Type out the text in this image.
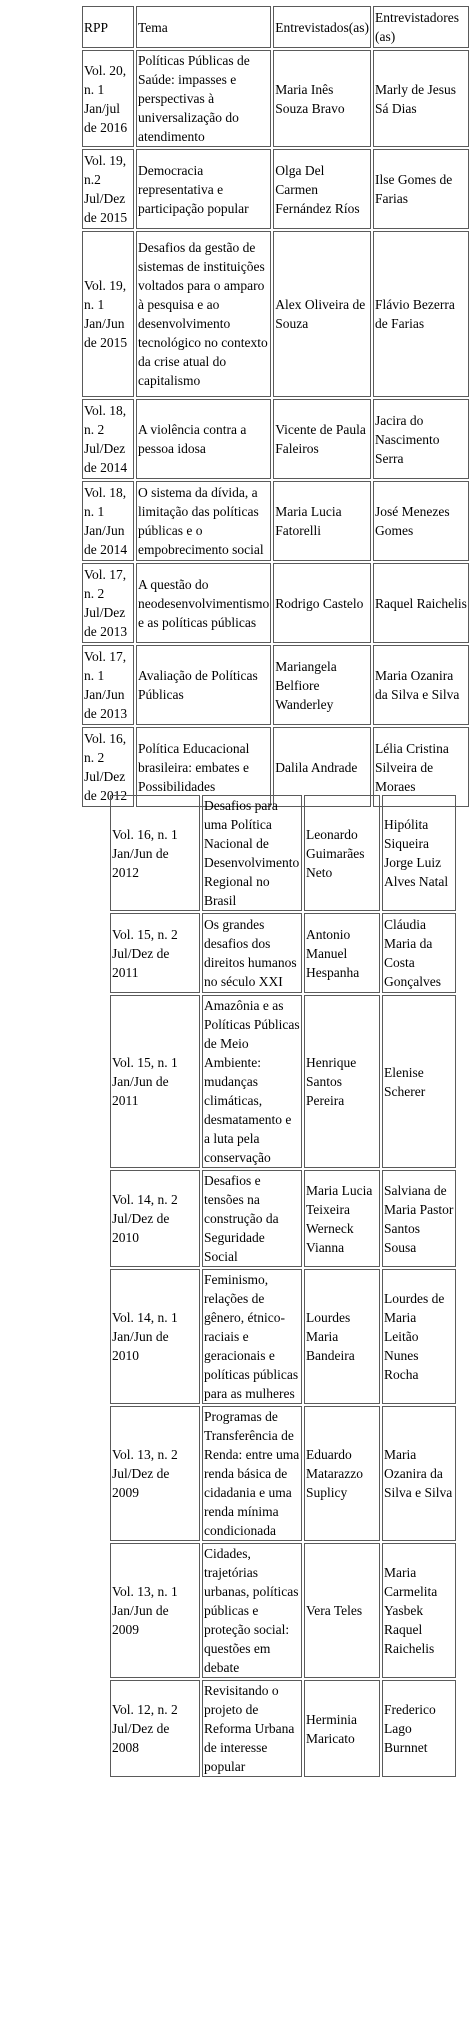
RPP	Tema	Entrevistados(as)	Entrevistadores (as)
Vol. 20, n. 1 Jan/jul de 2016	Políticas Públicas de Saúde: impasses e perspectivas à universalização do atendimento	Maria Inês Souza Bravo	Marly de Jesus Sá Dias
Vol. 19, n.2 Jul/Dez de 2015	Democracia representativa e participação popular	Olga Del Carmen Fernández Ríos	Ilse Gomes de Farias
Vol. 19, n. 1 Jan/Jun de 2015	Desafios da gestão de sistemas de instituições voltados para o amparo à pesquisa e ao desenvolvimento tecnológico no contexto da crise atual do capitalismo	Alex Oliveira de Souza	Flávio Bezerra de Farias
Vol. 18, n. 2 Jul/Dez de 2014	A violência contra a pessoa idosa	Vicente de Paula Faleiros	Jacira do Nascimento Serra
Vol. 18, n. 1 Jan/Jun de 2014	O sistema da dívida, a limitação das políticas públicas e o empobrecimento social	Maria Lucia Fatorelli	José Menezes Gomes
Vol. 17, n. 2 Jul/Dez de 2013	A questão do neodesenvolvimentismo e as políticas públicas	Rodrigo Castelo	Raquel Raichelis
Vol. 17, n. 1 Jan/Jun de 2013	Avaliação de Políticas Públicas	Mariangela Belfiore Wanderley	Maria Ozanira da Silva e Silva
Vol. 16, n. 2 Jul/Dez de 2012	Política Educacional brasileira: embates e Possibilidades	Dalila Andrade	Lélia Cristina Silveira de Moraes
Vol. 16, n. 1 Jan/Jun de 2012	Desafios para uma Política Nacional de Desenvolvimento Regional no Brasil	Leonardo Guimarães Neto	Hipólita Siqueira Jorge Luiz Alves Natal
Vol. 15, n. 2 Jul/Dez de 2011	Os grandes desafios dos direitos humanos no século XXI	Antonio Manuel Hespanha	Cláudia Maria da Costa Gonçalves
Vol. 15, n. 1 Jan/Jun de 2011	Amazônia e as Políticas Públicas de Meio Ambiente: mudanças climáticas, desmatamento e a luta pela conservação	Henrique Santos Pereira	Elenise Scherer
Vol. 14, n. 2 Jul/Dez de 2010	Desafios e tensões na construção da Seguridade Social	Maria Lucia Teixeira Werneck Vianna	Salviana de Maria Pastor Santos Sousa
Vol. 14, n. 1 Jan/Jun de 2010	Feminismo, relações de gênero, étnico-raciais e geracionais e políticas públicas para as mulheres	Lourdes Maria Bandeira	Lourdes de Maria Leitão Nunes Rocha
Vol. 13, n. 2 Jul/Dez de 2009	Programas de Transferência de Renda: entre uma renda básica de cidadania e uma renda mínima condicionada	Eduardo Matarazzo Suplicy	Maria Ozanira da Silva e Silva
Vol. 13, n. 1 Jan/Jun de 2009	Cidades, trajetórias urbanas, políticas públicas e proteção social: questões em debate	Vera Teles	Maria Carmelita Yasbek Raquel Raichelis
Vol. 12, n. 2 Jul/Dez de 2008	Revisitando o projeto de Reforma Urbana de interesse popular	Herminia Maricato	Frederico Lago Burnnet
